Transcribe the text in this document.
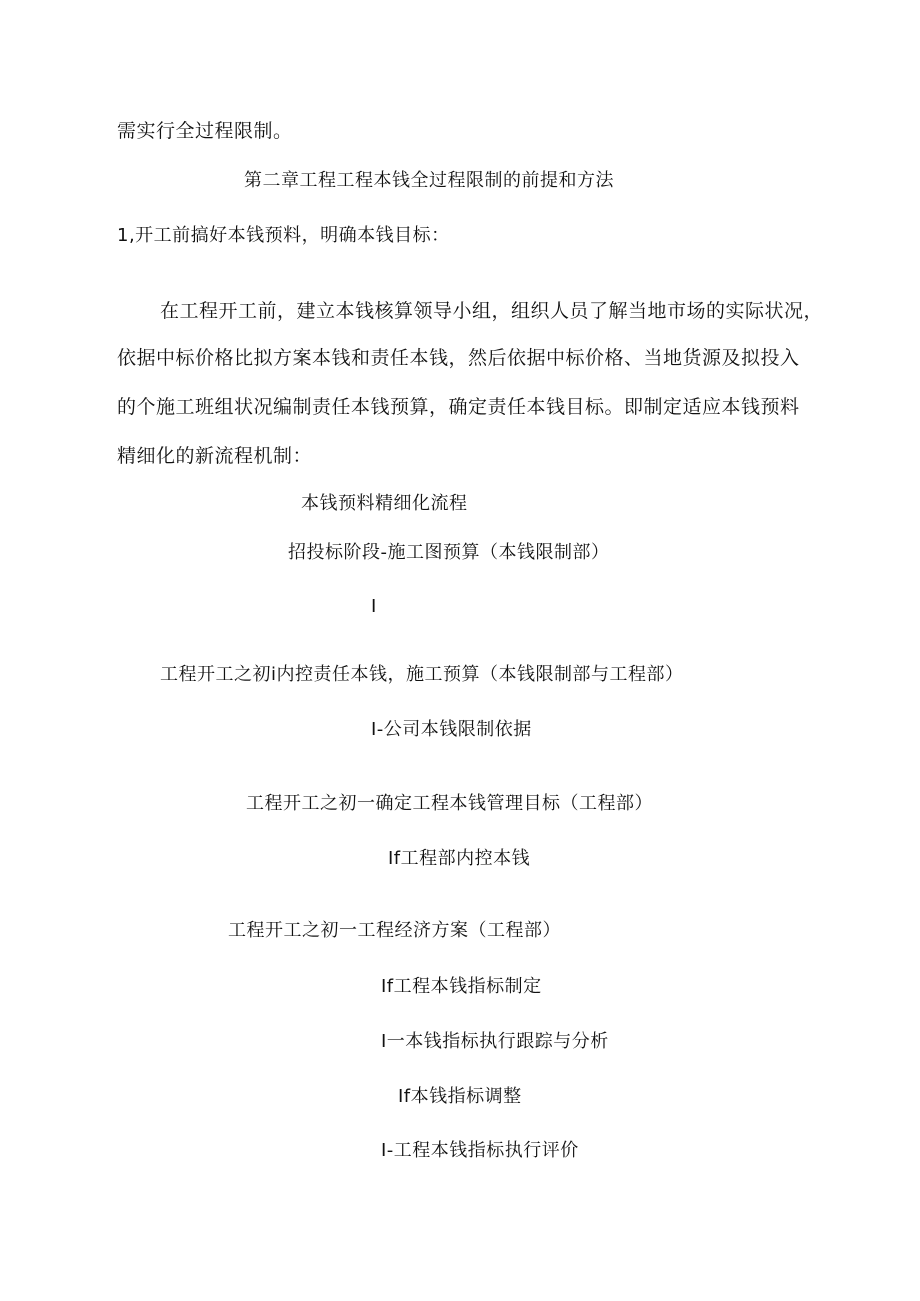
需实行全过程限制。
第二章工程工程本钱全过程限制的前提和方法
1,开工前搞好本钱预料，明确本钱目标：
在工程开工前，建立本钱核算领导小组，组织人员了解当地市场的实际状况，
依据中标价格比拟方案本钱和责任本钱，然后依据中标价格、当地货源及拟投入
的个施工班组状况编制责任本钱预算，确定责任本钱目标。即制定适应本钱预料
精细化的新流程机制：
本钱预料精细化流程
招投标阶段-施工图预算（本钱限制部）
I
工程开工之初i内控责任本钱，施工预算（本钱限制部与工程部）
I-公司本钱限制依据
工程开工之初一确定工程本钱管理目标（工程部）
If工程部内控本钱
工程开工之初一工程经济方案（工程部）
If工程本钱指标制定
I一本钱指标执行跟踪与分析
If本钱指标调整
I-工程本钱指标执行评价
